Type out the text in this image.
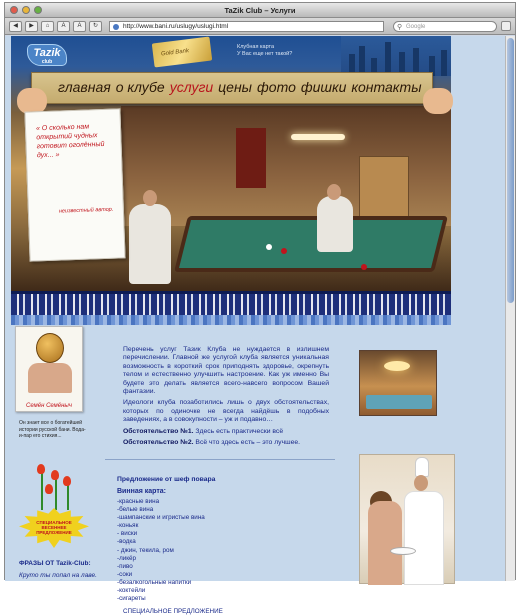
TaZik Club – Услуги
◀	▶	⌂	A	A	↻	http://www.bani.ru/uslugy/uslugi.html	⚲ Google
Tazik
club
Gold Bank
Клубная карта
У Вас еще нет такой?
главная о клубе услуги цены фото фишки контакты
« О сколько нам открытий чудных готовит оголённый дух... »
неизвестный автор.
Семён Семёныч
Он знает все о богатейшей истории русской бани. Вода-и-пар его стихия...
СПЕЦИАЛЬНОЕ ВЕСЕННЕЕ ПРЕДЛОЖЕНИЕ
ФРАЗЫ ОТ Tazik-Club:
Круто ты попал на лаве.

Перечень услуг Тазик Клуба не нуждается в излишнем перечислении. Главной же услугой клуба является уникальная возможность в короткий срок приподнять здоровье, окрепнуть телом и естественно улучшить настроение. Как уж именно Вы будете это делать является всего-навсего вопросом Вашей фантазии.

Идеологи клуба позаботились лишь о двух обстоятельствах, которых по одиночке не всегда найдёшь в подобных заведениях, а в совокупности – уж и подавно…

Обстоятельство №1. Здесь есть практически всё

Обстоятельство №2. Всё что здесь есть – это лучшее.

Предложение от шеф повара
Винная карта:
-красные вина
-белые вина
-шампанские и игристые вина
-коньяк
- виски
-водка
- джин, текила, ром
-ликёр
-пиво
-соки
-безалкогольные напитки
-коктейли
-сигареты
СПЕЦИАЛЬНОЕ ПРЕДЛОЖЕНИЕ
